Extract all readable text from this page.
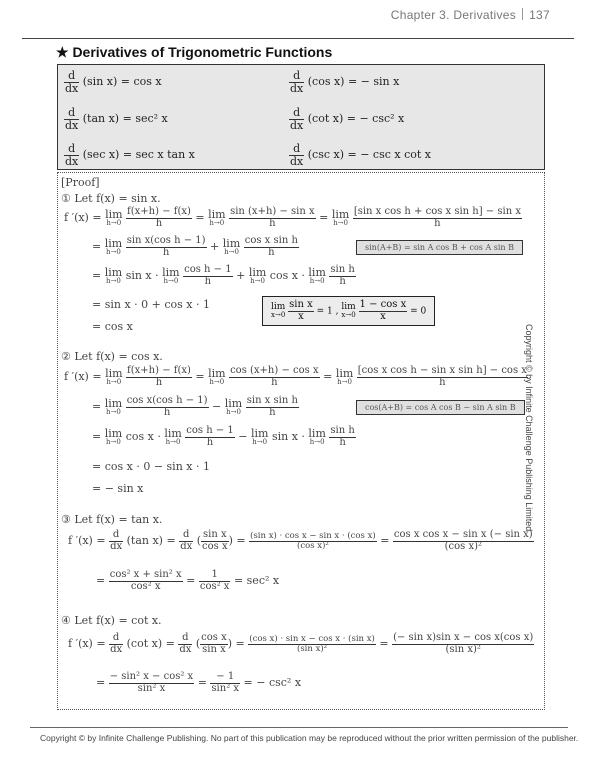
Chapter 3. Derivatives 137
★ Derivatives of Trigonometric Functions
$\frac{d}{dx} (\sin$ x) = cos x	$\frac{d}{dx} (\cos$ x) = − sin x
$\frac{d}{dx} (\tan$ x) = sec² x	$\frac{d}{dx} (\cot$ x) = − csc² x
$\frac{d}{dx} (\sec$ x) = sec x tan x	$\frac{d}{dx} (\csc$ x) = − csc x cot x
[Proof]
① Let f(x) = sin x.
f ′(x) = lim
h→0
$\frac{f(x+h) - f(x)}{h} = \lim$
h→0
$\frac{\text{sin (x+h) − sin x}}{h} = \lim$
h→0
$\frac{\text{[sin x cos h + cos x sin h] − sin x}}{h}$
= lim
h→0
$\frac{\text{sin x(cos h − 1)}}{h} + \lim$
h→0
$\frac{\text{cos x sin h}}{h}$	sin(A+B) = sin A cos B + cos A sin B
= lim
h→0 sin x · lim
h→0
$\frac{\text{cos h − 1}}{h} + \lim$
h→0 cos x · lim
h→0
$\frac{\text{sin h}}{h}$
= sin x · 0 + cos x · 1	lim
x→0
$\frac{\text{sin x}}{x} = 1$ , lim
x→0
$\frac{\text{1 − cos x}}{x} = 0$
= cos x
② Let f(x) = cos x.
f ′(x) = lim
h→0
$\frac{f(x+h) - f(x)}{h} = \lim$
h→0
$\frac{\text{cos (x+h) − cos x}}{h} = \lim$
h→0
$\frac{\text{[cos x cos h − sin x sin h] − cos x}}{h}$
= lim
h→0
$\frac{\text{cos x(cos h − 1)}}{h} - \lim$
h→0
$\frac{\text{sin x sin h}}{h}$	cos(A+B) = cos A cos B − sin A sin B
= lim
h→0 cos x · lim
h→0
$\frac{\text{cos h − 1}}{h} - \lim$
h→0 sin x · lim
h→0
$\frac{\text{sin h}}{h}$
= cos x · 0 − sin x · 1
= − sin x
③ Let f(x) = tan x.
f $'(x) = \frac{d}{dx} (\tan$ $x) = \frac{d}{dx}$ ( $\frac{\text{sin x}}{\text{cos x}}$ ) = $\frac{\text{(sin x) · cos x − sin x · (cos x)}}{\text{(cos x)²}} = \frac{\text{cos x cos x − sin x (− sin x)}}{\text{(cos x)²}}$
= $\frac{\text{cos² x + sin² x}}{\text{cos² x}} = \frac{1}{\text{cos² x}} = \sec^2$ x
④ Let f(x) = cot x.
f $'(x) = \frac{d}{dx} (\cot$ $x) = \frac{d}{dx}$ ( $\frac{\text{cos x}}{\text{sin x}}$ ) = $\frac{\text{(cos x) · sin x − cos x · (sin x)}}{\text{(sin x)²}} = \frac{\text{(− sin x)sin x − cos x(cos x)}}{\text{(sin x)²}}$
= $\frac{\text{− sin² x − cos² x}}{\text{sin² x}} = \frac{- 1}{\text{sin² x}}$ = − csc² x
Copyright © by Infinite Challenge Publishing Limited
Copyright © by Infinite Challenge Publishing. No part of this publication may be reproduced without the prior written permission of the publisher.
